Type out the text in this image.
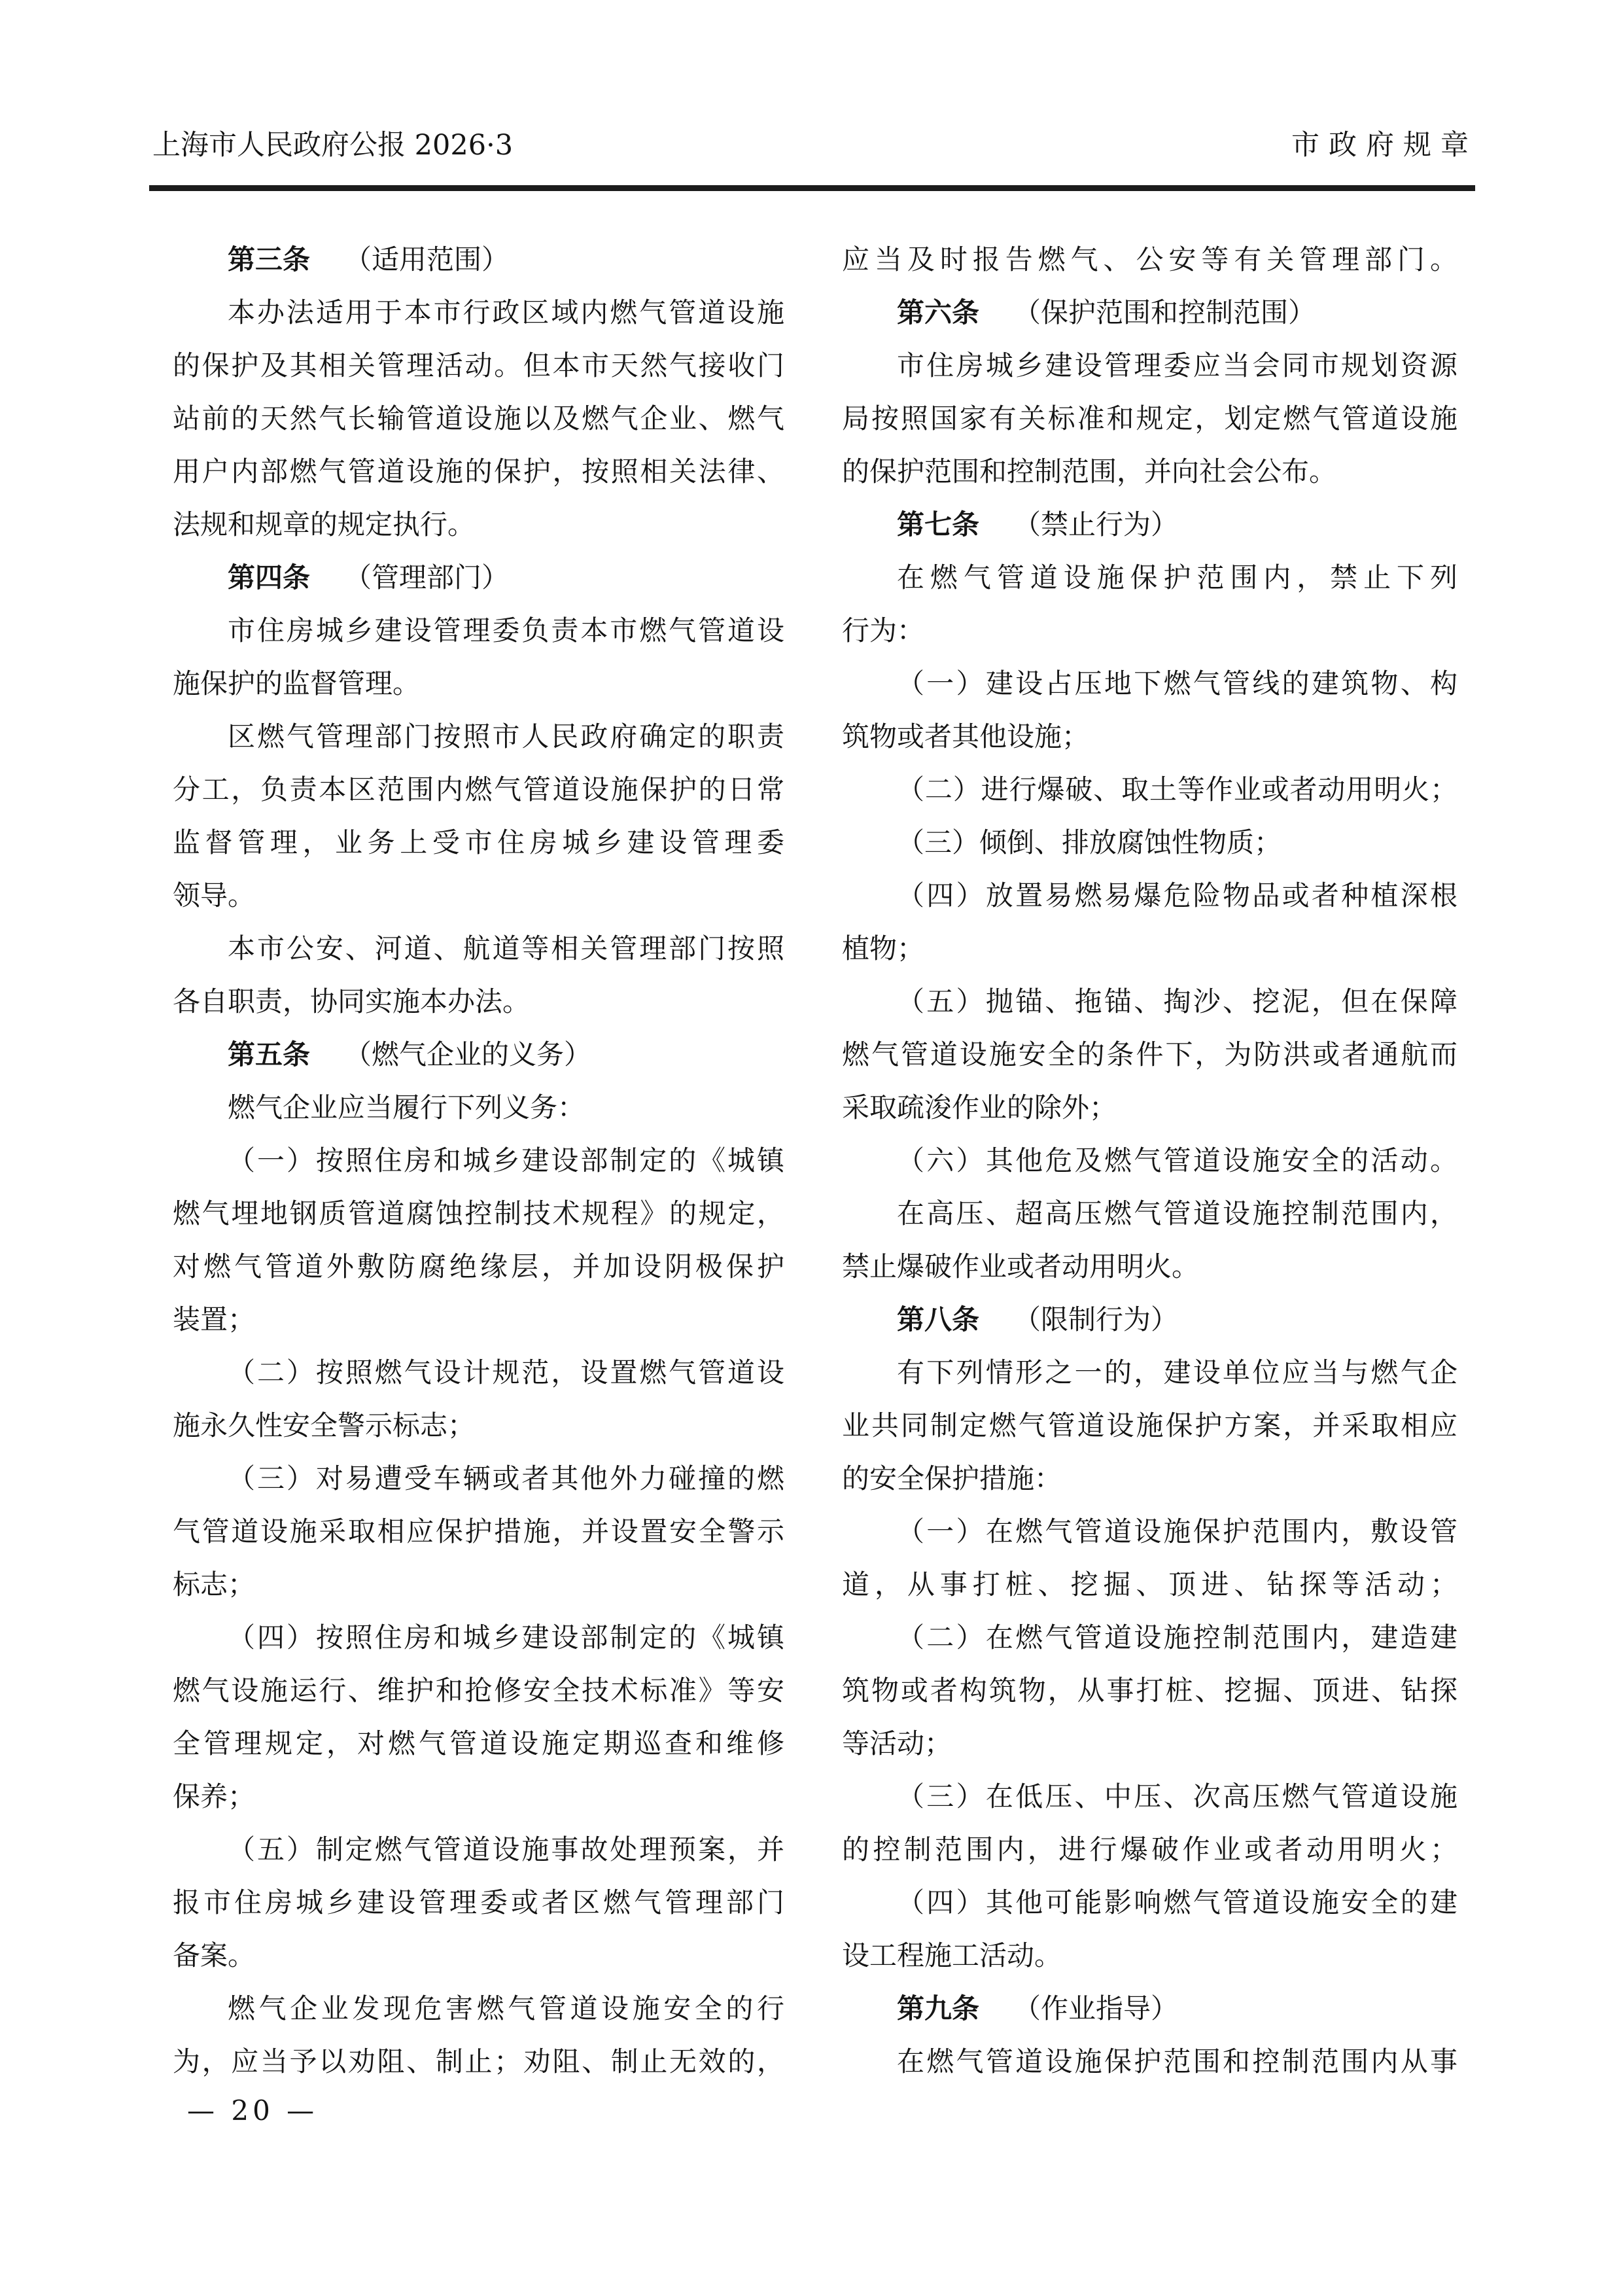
上海市人民政府公报 2026·3	市政府规章
第三条 （适用范围）
本办法适用于本市行政区域内燃气管道设施
的保护及其相关管理活动。但本市天然气接收门
站前的天然气长输管道设施以及燃气企业、燃气
用户内部燃气管道设施的保护，按照相关法律、
法规和规章的规定执行。
第四条 （管理部门）
市住房城乡建设管理委负责本市燃气管道设
施保护的监督管理。
区燃气管理部门按照市人民政府确定的职责
分工，负责本区范围内燃气管道设施保护的日常
监督管理，业务上受市住房城乡建设管理委
领导。
本市公安、河道、航道等相关管理部门按照
各自职责，协同实施本办法。
第五条 （燃气企业的义务）
燃气企业应当履行下列义务：
（一）按照住房和城乡建设部制定的《城镇
燃气埋地钢质管道腐蚀控制技术规程》的规定，
对燃气管道外敷防腐绝缘层，并加设阴极保护
装置；
（二）按照燃气设计规范，设置燃气管道设
施永久性安全警示标志；
（三）对易遭受车辆或者其他外力碰撞的燃
气管道设施采取相应保护措施，并设置安全警示
标志；
（四）按照住房和城乡建设部制定的《城镇
燃气设施运行、维护和抢修安全技术标准》等安
全管理规定，对燃气管道设施定期巡查和维修
保养；
（五）制定燃气管道设施事故处理预案，并
报市住房城乡建设管理委或者区燃气管理部门
备案。
燃气企业发现危害燃气管道设施安全的行
为，应当予以劝阻、制止；劝阻、制止无效的，
应当及时报告燃气、公安等有关管理部门。
第六条 （保护范围和控制范围）
市住房城乡建设管理委应当会同市规划资源
局按照国家有关标准和规定，划定燃气管道设施
的保护范围和控制范围，并向社会公布。
第七条 （禁止行为）
在燃气管道设施保护范围内，禁止下列
行为：
（一）建设占压地下燃气管线的建筑物、构
筑物或者其他设施；
（二）进行爆破、取土等作业或者动用明火；
（三）倾倒、排放腐蚀性物质；
（四）放置易燃易爆危险物品或者种植深根
植物；
（五）抛锚、拖锚、掏沙、挖泥，但在保障
燃气管道设施安全的条件下，为防洪或者通航而
采取疏浚作业的除外；
（六）其他危及燃气管道设施安全的活动。
在高压、超高压燃气管道设施控制范围内，
禁止爆破作业或者动用明火。
第八条 （限制行为）
有下列情形之一的，建设单位应当与燃气企
业共同制定燃气管道设施保护方案，并采取相应
的安全保护措施：
（一）在燃气管道设施保护范围内，敷设管
道，从事打桩、挖掘、顶进、钻探等活动；
（二）在燃气管道设施控制范围内，建造建
筑物或者构筑物，从事打桩、挖掘、顶进、钻探
等活动；
（三）在低压、中压、次高压燃气管道设施
的控制范围内，进行爆破作业或者动用明火；
（四）其他可能影响燃气管道设施安全的建
设工程施工活动。
第九条 （作业指导）
在燃气管道设施保护范围和控制范围内从事
— 20 —
